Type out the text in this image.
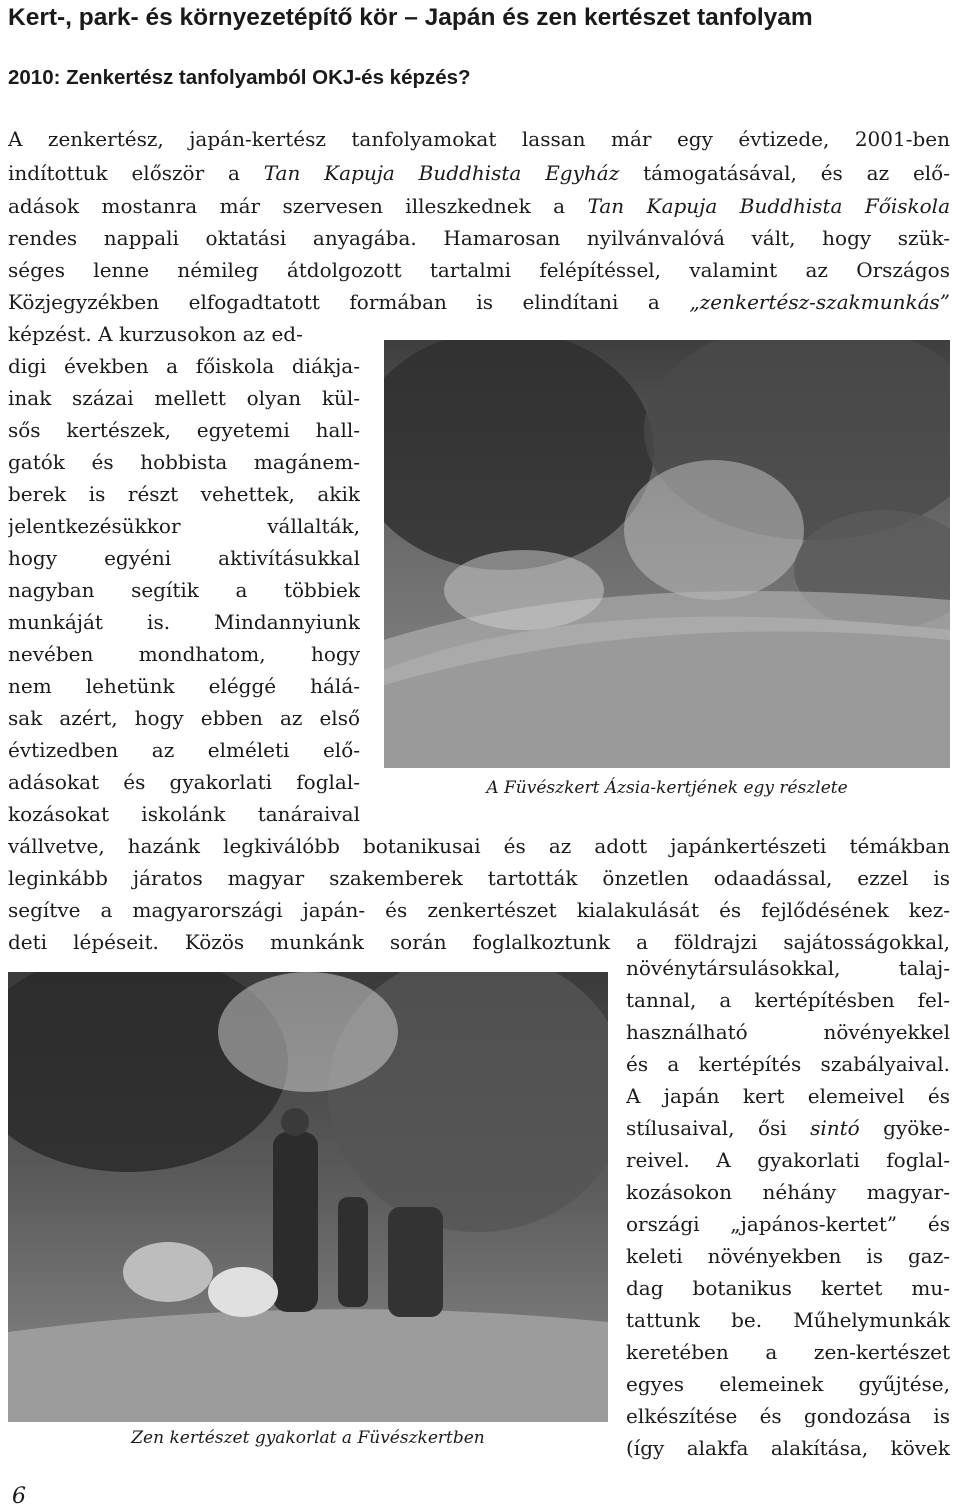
Kert-, park- és környezetépítő kör – Japán és zen kertészet tanfolyam
2010: Zenkertész tanfolyamból OKJ-és képzés?
A zenkertész, japán-kertész tanfolyamokat lassan már egy évtizede, 2001-ben
indítottuk először a Tan Kapuja Buddhista Egyház támogatásával, és az elő-
adások mostanra már szervesen illeszkednek a Tan Kapuja Buddhista Főiskola
rendes nappali oktatási anyagába. Hamarosan nyilvánvalóvá vált, hogy szük-
séges lenne némileg átdolgozott tartalmi felépítéssel, valamint az Országos
Közjegyzékben elfogadtatott formában is elindítani a „zenkertész-szakmunkás”
képzést. A kurzusokon az ed-
digi években a főiskola diákja-
inak százai mellett olyan kül-
sős kertészek, egyetemi hall-
gatók és hobbista magánem-
berek is részt vehettek, akik
jelentkezésükkor vállalták,
hogy egyéni aktivításukkal
nagyban segítik a többiek
munkáját is. Mindannyiunk
nevében mondhatom, hogy
nem lehetünk eléggé hálá-
sak azért, hogy ebben az első
évtizedben az elméleti elő-
adásokat és gyakorlati foglal-
kozásokat iskolánk tanáraival
A Füvészkert Ázsia-kertjének egy részlete
vállvetve, hazánk legkiválóbb botanikusai és az adott japánkertészeti témákban
leginkább járatos magyar szakemberek tartották önzetlen odaadással, ezzel is
segítve a magyarországi japán- és zenkertészet kialakulását és fejlődésének kez-
deti lépéseit. Közös munkánk során foglalkoztunk a földrajzi sajátosságokkal,
Zen kertészet gyakorlat a Füvészkertben
növénytársulásokkal, talaj-
tannal, a kertépítésben fel-
használható növényekkel
és a kertépítés szabályaival.
A japán kert elemeivel és
stílusaival, ősi sintó gyöke-
reivel. A gyakorlati foglal-
kozásokon néhány magyar-
országi „japános-kertet” és
keleti növényekben is gaz-
dag botanikus kertet mu-
tattunk be. Műhelymunkák
keretében a zen-kertészet
egyes elemeinek gyűjtése,
elkészítése és gondozása is
(így alakfa alakítása, kövek
6
